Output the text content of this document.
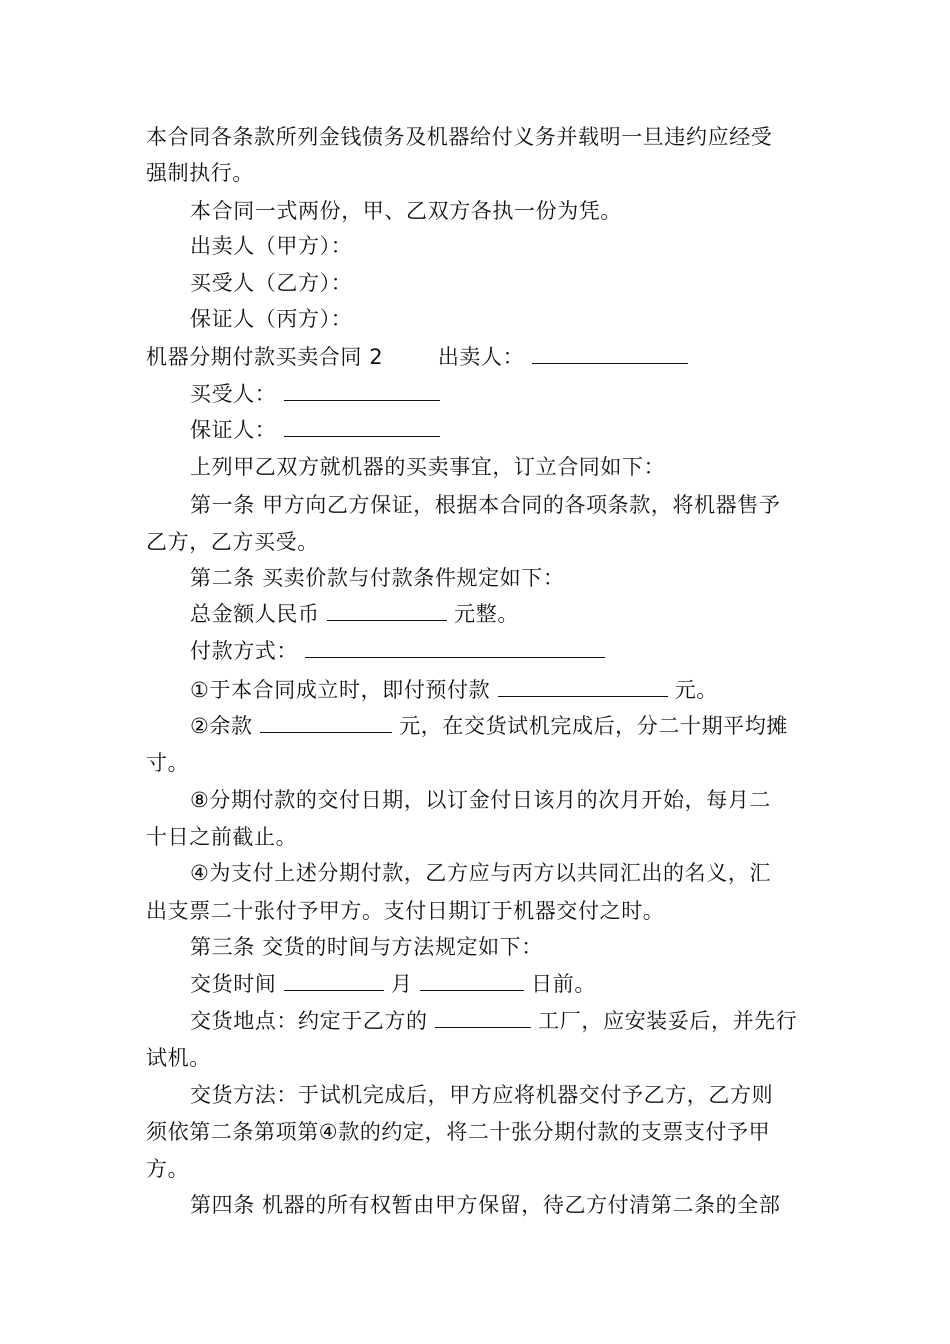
本合同各条款所列金钱债务及机器给付义务并载明一旦违约应经受
强制执行。
本合同一式两份，甲、乙双方各执一份为凭。
出卖人（甲方）：
买受人（乙方）：
保证人（丙方）：
机器分期付款买卖合同 2	出卖人：
买受人：
保证人：
上列甲乙双方就机器的买卖事宜，订立合同如下：
第一条 甲方向乙方保证，根据本合同的各项条款，将机器售予
乙方，乙方买受。
第二条 买卖价款与付款条件规定如下：
总金额人民币	元整。
付款方式：
①于本合同成立时，即付预付款	元。
②余款	元，在交货试机完成后，分二十期平均摊
寸。
⑧分期付款的交付日期，以订金付日该月的次月开始，每月二
十日之前截止。
④为支付上述分期付款，乙方应与丙方以共同汇出的名义，汇
出支票二十张付予甲方。支付日期订于机器交付之时。
第三条 交货的时间与方法规定如下：
交货时间	月	日前。
交货地点：约定于乙方的	工厂，应安装妥后，并先行
试机。
交货方法：于试机完成后，甲方应将机器交付予乙方，乙方则
须依第二条第项第④款的约定，将二十张分期付款的支票支付予甲
方。
第四条 机器的所有权暂由甲方保留，待乙方付清第二条的全部
